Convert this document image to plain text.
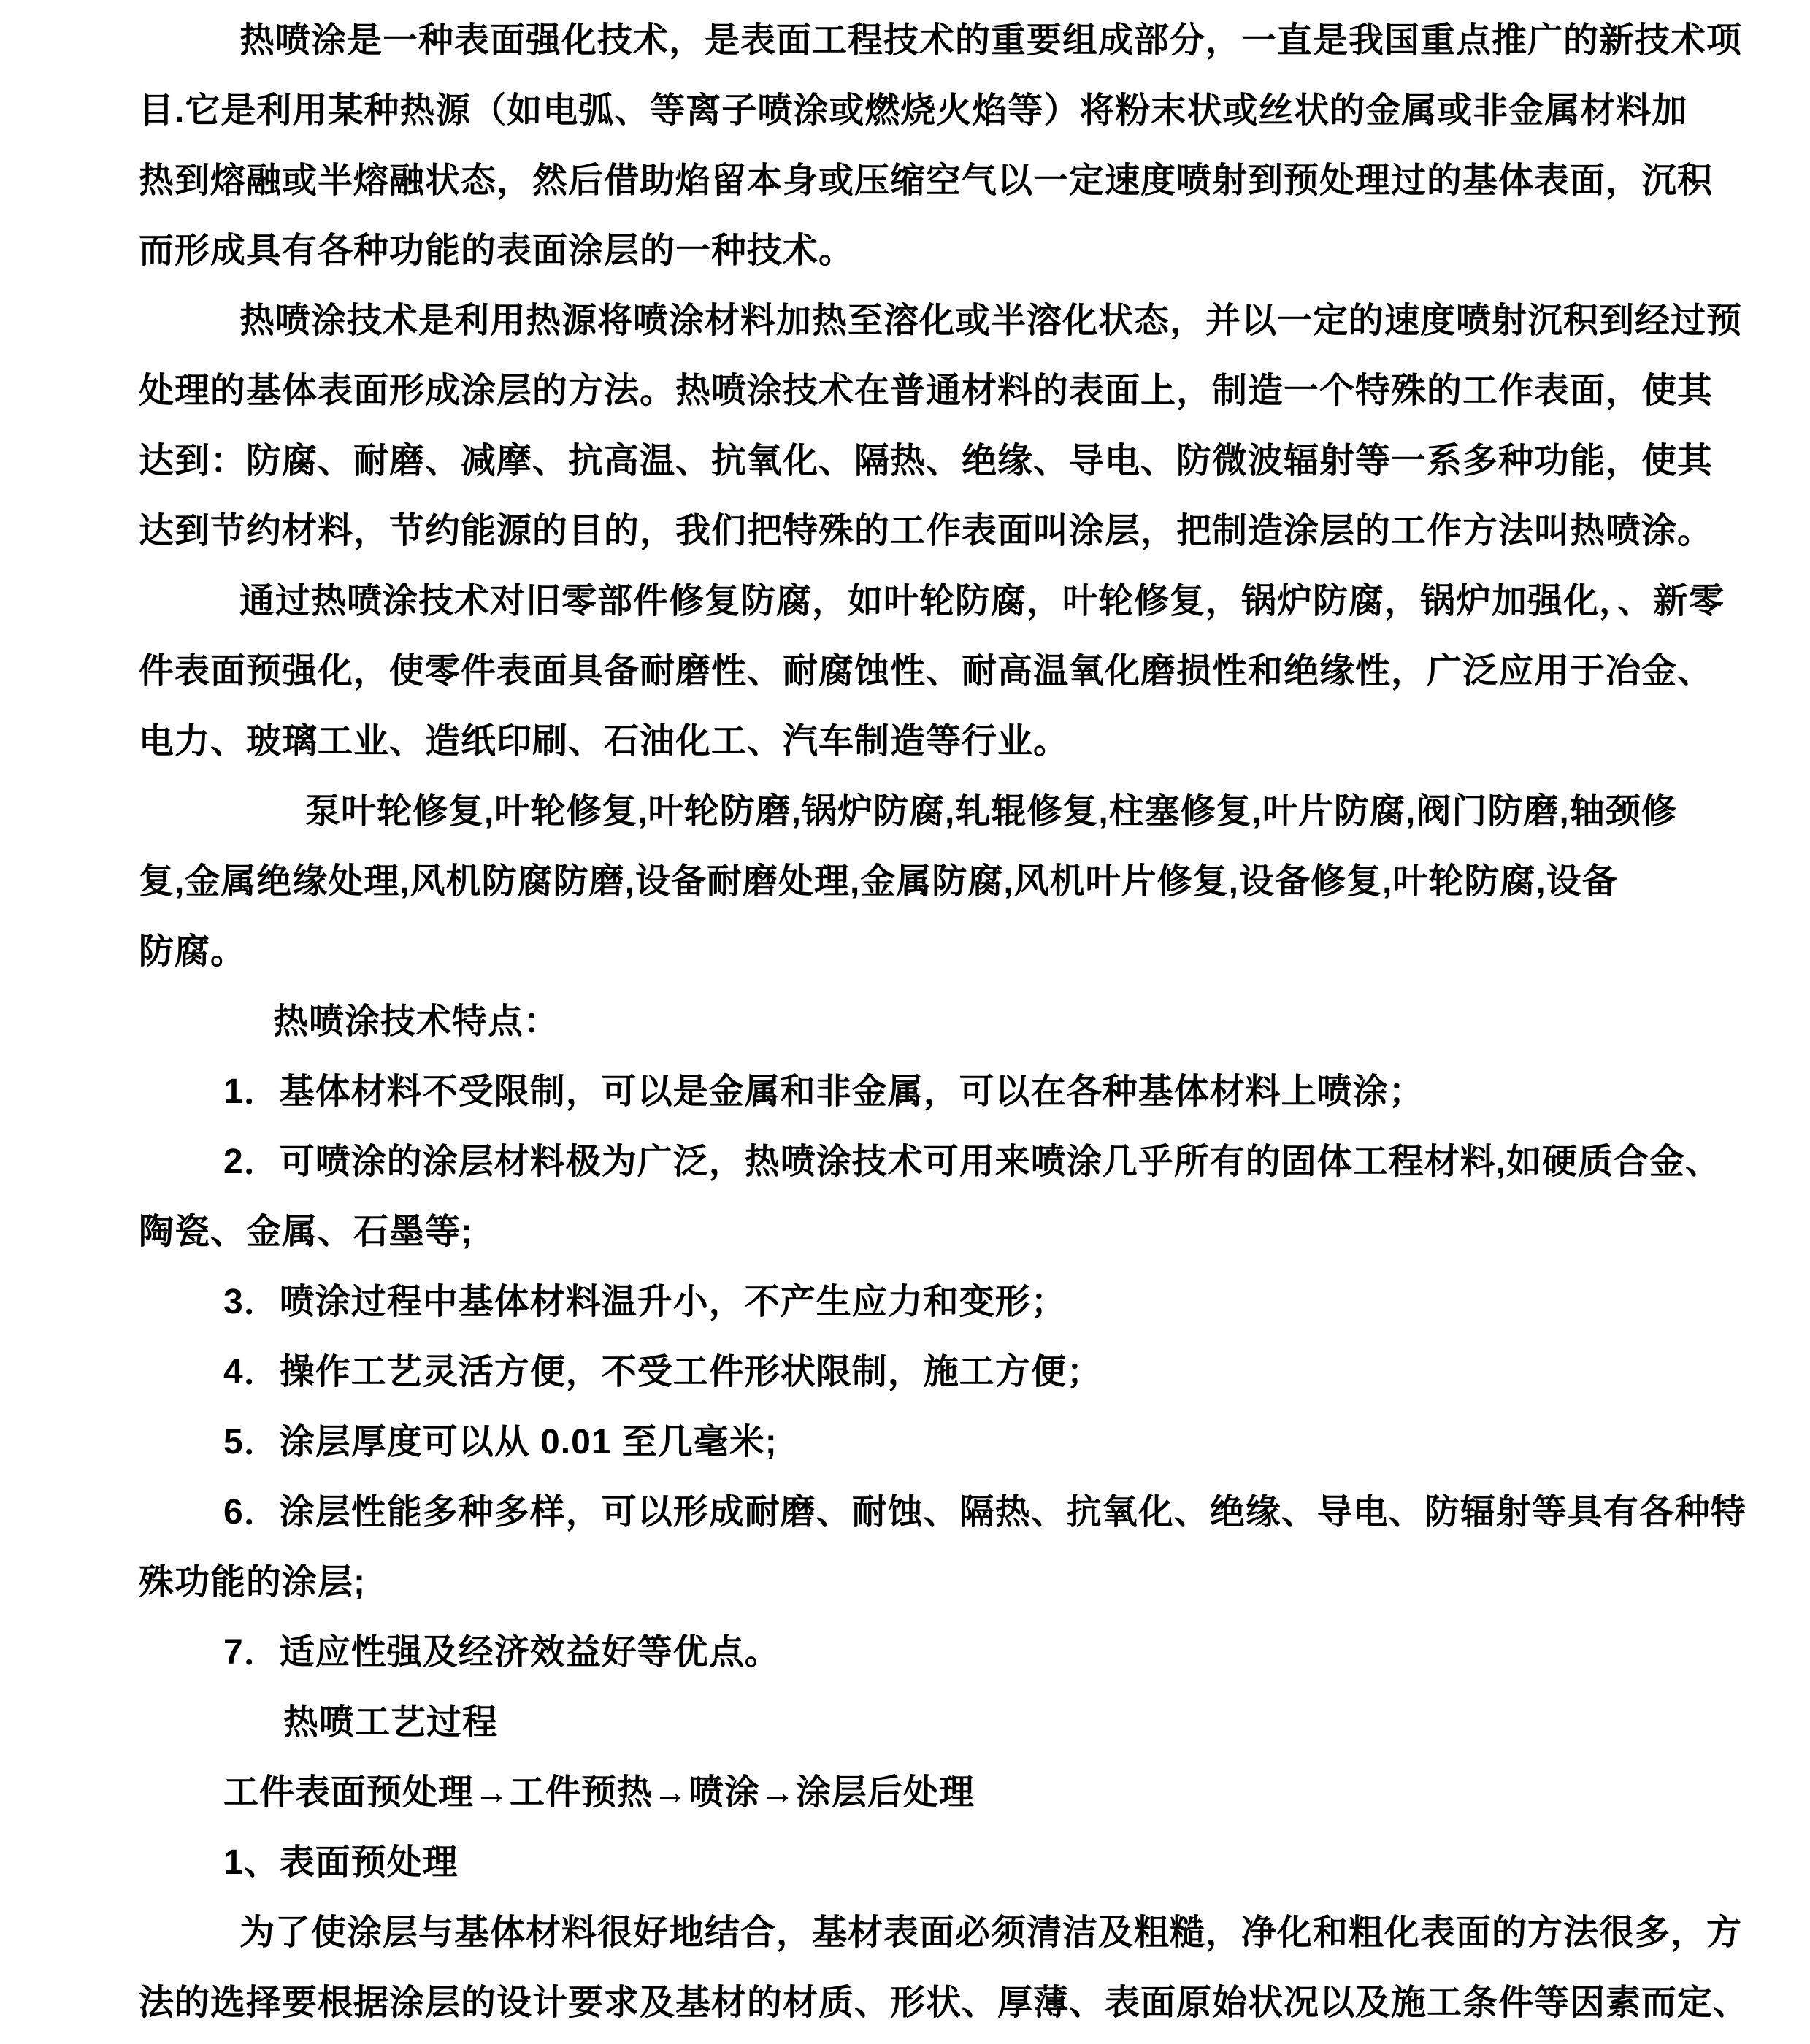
热喷涂是一种表面强化技术，是表面工程技术的重要组成部分，一直是我国重点推广的新技术项
目.它是利用某种热源（如电弧、等离子喷涂或燃烧火焰等）将粉末状或丝状的金属或非金属材料加
热到熔融或半熔融状态，然后借助焰留本身或压缩空气以一定速度喷射到预处理过的基体表面，沉积
而形成具有各种功能的表面涂层的一种技术。
热喷涂技术是利用热源将喷涂材料加热至溶化或半溶化状态，并以一定的速度喷射沉积到经过预
处理的基体表面形成涂层的方法。热喷涂技术在普通材料的表面上，制造一个特殊的工作表面，使其
达到：防腐、耐磨、减摩、抗高温、抗氧化、隔热、绝缘、导电、防微波辐射等一系多种功能，使其
达到节约材料，节约能源的目的，我们把特殊的工作表面叫涂层，把制造涂层的工作方法叫热喷涂。
通过热喷涂技术对旧零部件修复防腐，如叶轮防腐，叶轮修复，锅炉防腐，锅炉加强化，、新零
件表面预强化，使零件表面具备耐磨性、耐腐蚀性、耐高温氧化磨损性和绝缘性，广泛应用于冶金、
电力、玻璃工业、造纸印刷、石油化工、汽车制造等行业。
泵叶轮修复,叶轮修复,叶轮防磨,锅炉防腐,轧辊修复,柱塞修复,叶片防腐,阀门防磨,轴颈修
复,金属绝缘处理,风机防腐防磨,设备耐磨处理,金属防腐,风机叶片修复,设备修复,叶轮防腐,设备
防腐。
热喷涂技术特点：
1．基体材料不受限制，可以是金属和非金属，可以在各种基体材料上喷涂；
2．可喷涂的涂层材料极为广泛，热喷涂技术可用来喷涂几乎所有的固体工程材料,如硬质合金、
陶瓷、金属、石墨等;
3．喷涂过程中基体材料温升小，不产生应力和变形；
4．操作工艺灵活方便，不受工件形状限制，施工方便；
5．涂层厚度可以从 0.01 至几毫米;
6．涂层性能多种多样，可以形成耐磨、耐蚀、隔热、抗氧化、绝缘、导电、防辐射等具有各种特
殊功能的涂层;
7．适应性强及经济效益好等优点。
热喷工艺过程
工件表面预处理→工件预热→喷涂→涂层后处理
1、表面预处理
为了使涂层与基体材料很好地结合，基材表面必须清洁及粗糙，净化和粗化表面的方法很多，方
法的选择要根据涂层的设计要求及基材的材质、形状、厚薄、表面原始状况以及施工条件等因素而定、
